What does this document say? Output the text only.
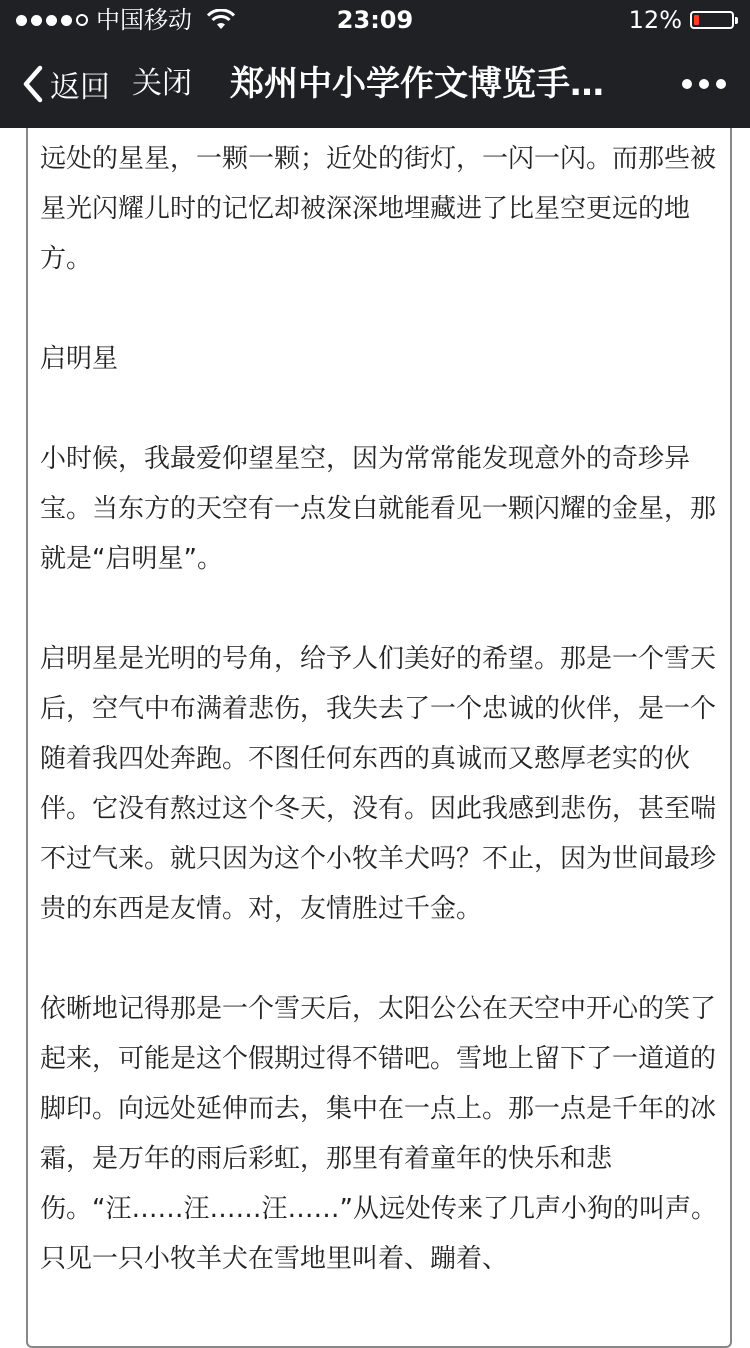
中国移动	23:09	12%
返回 关闭 郑州中小学作文博览手…

远处的星星，一颗一颗；近处的街灯，一闪一闪。而那些被星光闪耀儿时的记忆却被深深地埋藏进了比星空更远的地方。

启明星

小时候，我最爱仰望星空，因为常常能发现意外的奇珍异宝。当东方的天空有一点发白就能看见一颗闪耀的金星，那就是“启明星”。

启明星是光明的号角，给予人们美好的希望。那是一个雪天后，空气中布满着悲伤，我失去了一个忠诚的伙伴，是一个随着我四处奔跑。不图任何东西的真诚而又憨厚老实的伙伴。它没有熬过这个冬天，没有。因此我感到悲伤，甚至喘不过气来。就只因为这个小牧羊犬吗？不止，因为世间最珍贵的东西是友情。对，友情胜过千金。

依晰地记得那是一个雪天后，太阳公公在天空中开心的笑了起来，可能是这个假期过得不错吧。雪地上留下了一道道的脚印。向远处延伸而去，集中在一点上。那一点是千年的冰霜，是万年的雨后彩虹，那里有着童年的快乐和悲伤。“汪……汪……汪……”从远处传来了几声小狗的叫声。只见一只小牧羊犬在雪地里叫着、蹦着、
